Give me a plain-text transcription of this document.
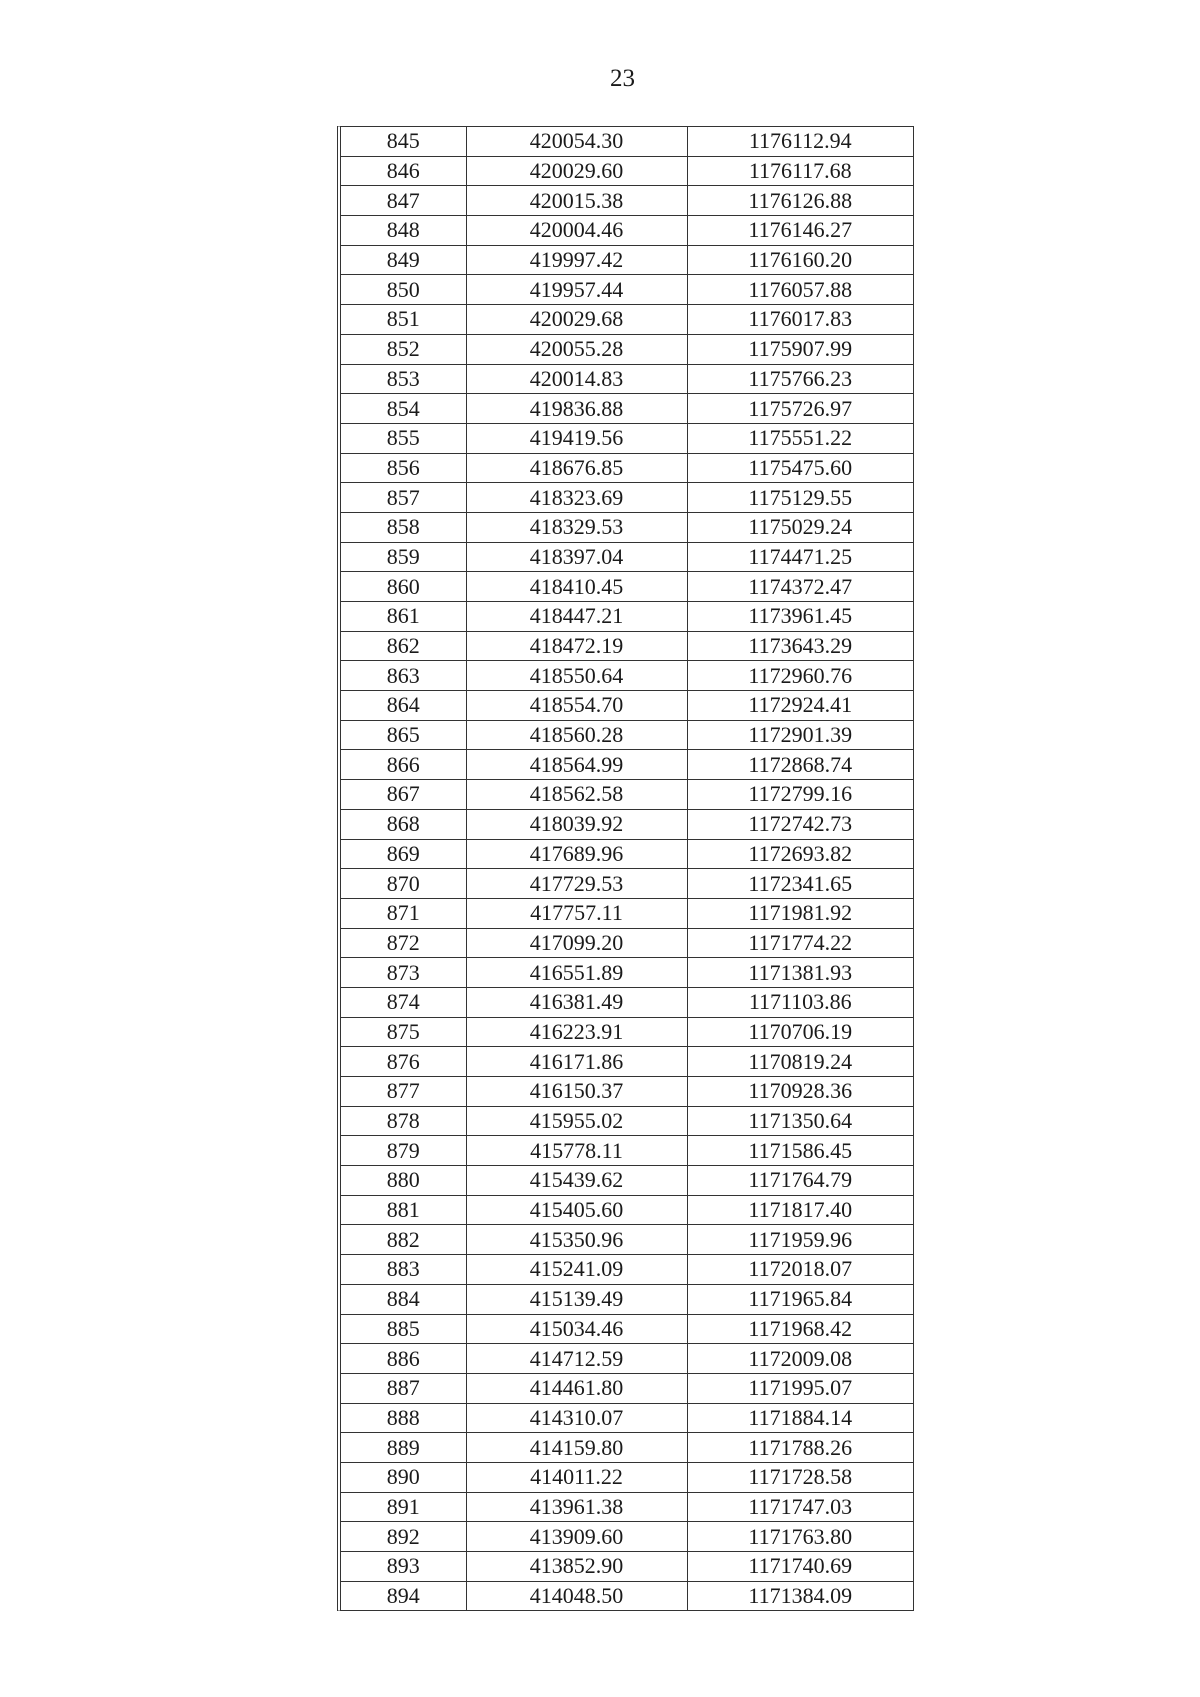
23
845	420054.30	1176112.94
846	420029.60	1176117.68
847	420015.38	1176126.88
848	420004.46	1176146.27
849	419997.42	1176160.20
850	419957.44	1176057.88
851	420029.68	1176017.83
852	420055.28	1175907.99
853	420014.83	1175766.23
854	419836.88	1175726.97
855	419419.56	1175551.22
856	418676.85	1175475.60
857	418323.69	1175129.55
858	418329.53	1175029.24
859	418397.04	1174471.25
860	418410.45	1174372.47
861	418447.21	1173961.45
862	418472.19	1173643.29
863	418550.64	1172960.76
864	418554.70	1172924.41
865	418560.28	1172901.39
866	418564.99	1172868.74
867	418562.58	1172799.16
868	418039.92	1172742.73
869	417689.96	1172693.82
870	417729.53	1172341.65
871	417757.11	1171981.92
872	417099.20	1171774.22
873	416551.89	1171381.93
874	416381.49	1171103.86
875	416223.91	1170706.19
876	416171.86	1170819.24
877	416150.37	1170928.36
878	415955.02	1171350.64
879	415778.11	1171586.45
880	415439.62	1171764.79
881	415405.60	1171817.40
882	415350.96	1171959.96
883	415241.09	1172018.07
884	415139.49	1171965.84
885	415034.46	1171968.42
886	414712.59	1172009.08
887	414461.80	1171995.07
888	414310.07	1171884.14
889	414159.80	1171788.26
890	414011.22	1171728.58
891	413961.38	1171747.03
892	413909.60	1171763.80
893	413852.90	1171740.69
894	414048.50	1171384.09
